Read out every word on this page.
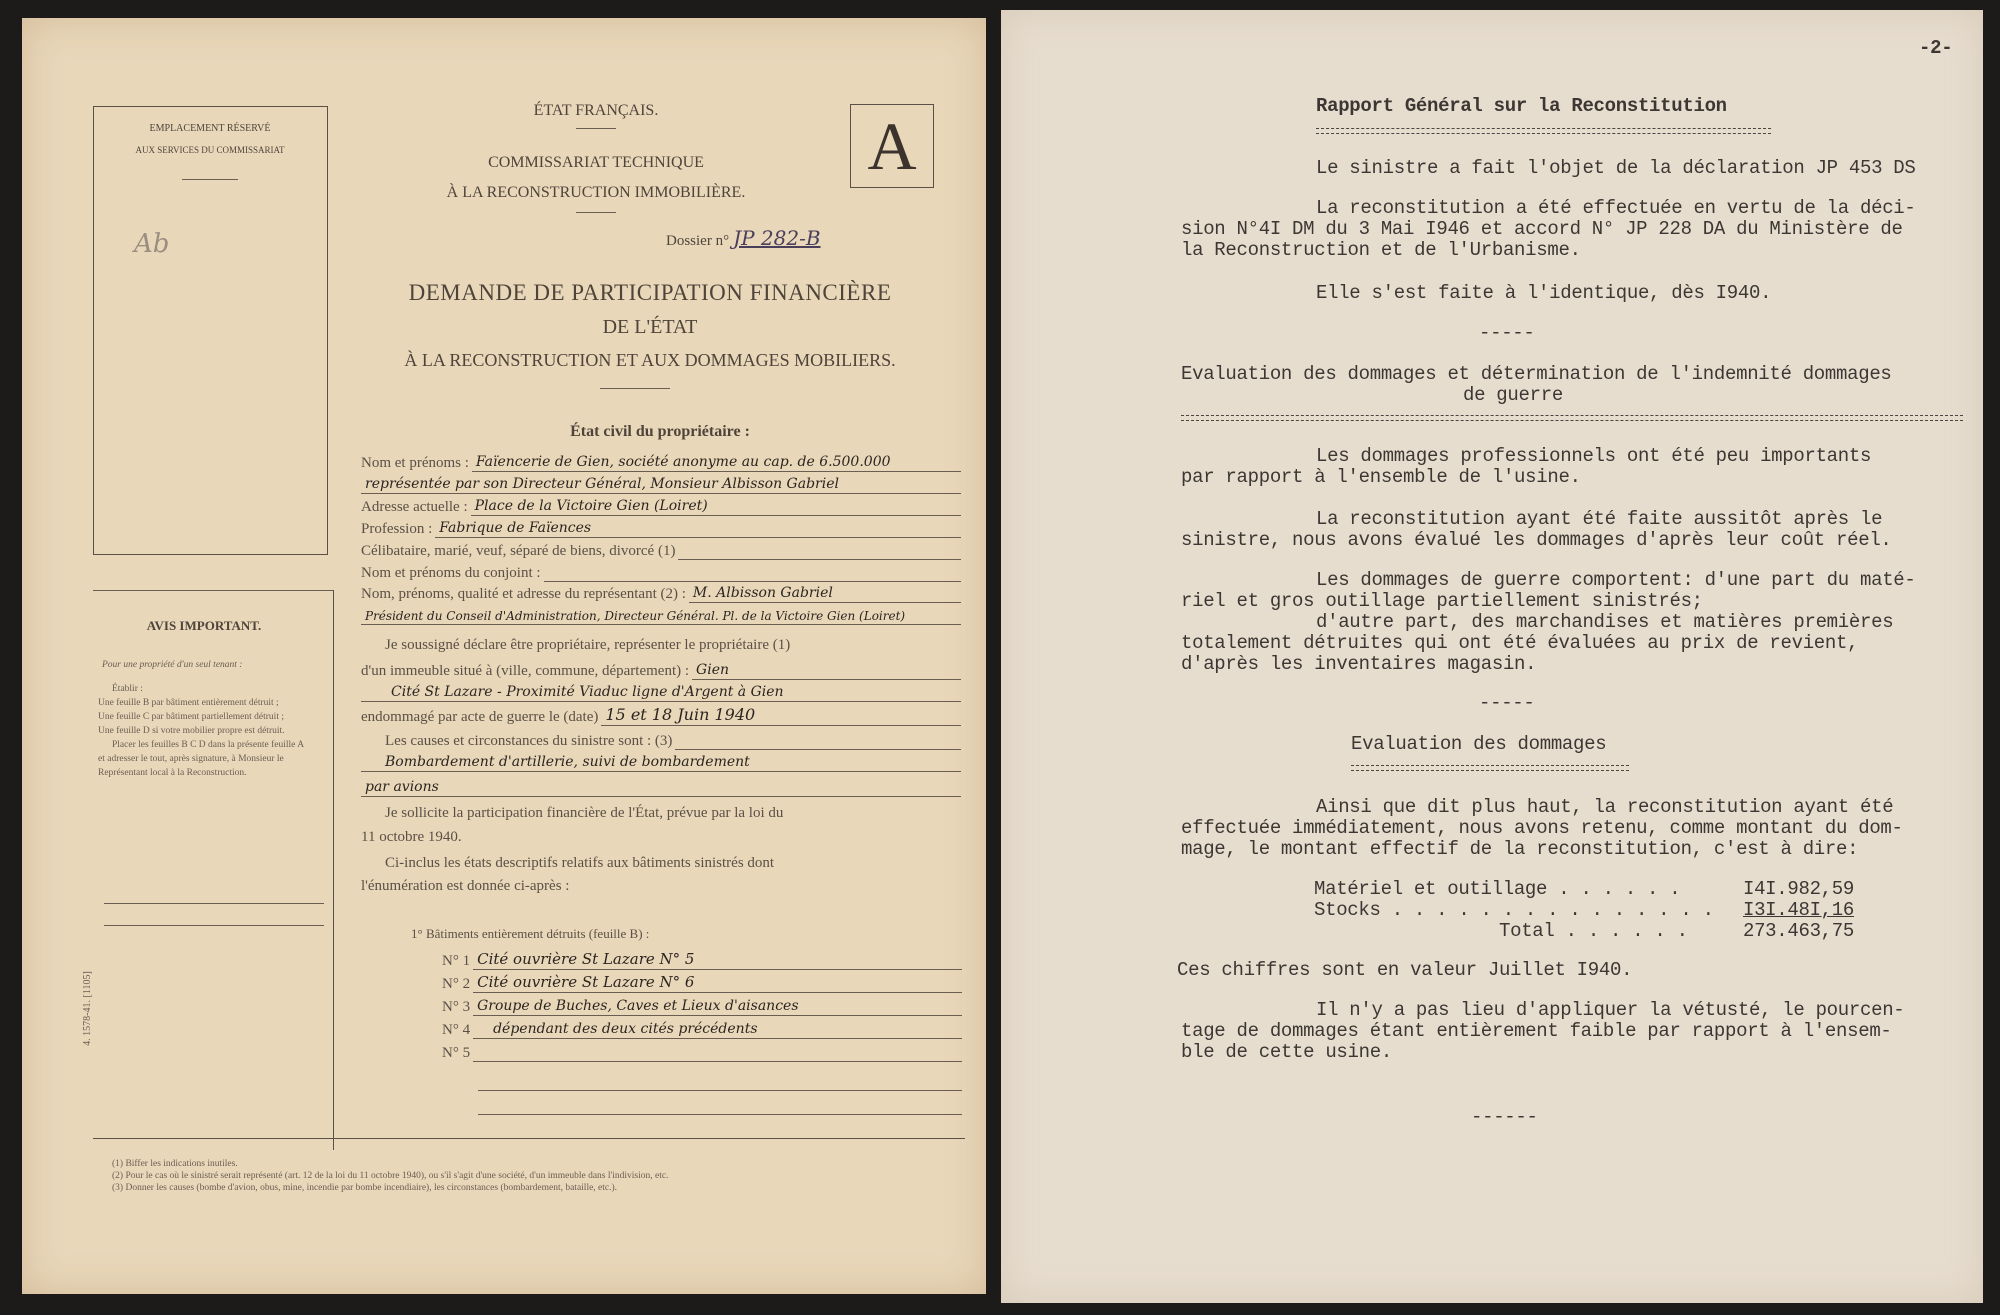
EMPLACEMENT RÉSERVÉ
AUX SERVICES DU COMMISSARIAT
Ab
ÉTAT FRANÇAIS.
COMMISSARIAT TECHNIQUE
À LA RECONSTRUCTION IMMOBILIÈRE.
A
Dossier n° JP 282-B
DEMANDE DE PARTICIPATION FINANCIÈRE
DE L'ÉTAT
À LA RECONSTRUCTION ET AUX DOMMAGES MOBILIERS.
État civil du propriétaire :
Nom et prénoms : Faïencerie de Gien, société anonyme au cap. de 6.500.000
représentée par son Directeur Général, Monsieur Albisson Gabriel
Adresse actuelle : Place de la Victoire Gien (Loiret)
Profession : Fabrique de Faïences
Célibataire, marié, veuf, séparé de biens, divorcé (1)
Nom et prénoms du conjoint :
Nom, prénoms, qualité et adresse du représentant (2) : M. Albisson Gabriel
Président du Conseil d'Administration, Directeur Général. Pl. de la Victoire Gien (Loiret)
Je soussigné déclare être propriétaire, représenter le propriétaire (1)
d'un immeuble situé à (ville, commune, département) : Gien
Cité St Lazare - Proximité Viaduc ligne d'Argent à Gien
endommagé par acte de guerre le (date) 15 et 18 Juin 1940
Les causes et circonstances du sinistre sont : (3)
Bombardement d'artillerie, suivi de bombardement
par avions
Je sollicite la participation financière de l'État, prévue par la loi du
11 octobre 1940.
Ci-inclus les états descriptifs relatifs aux bâtiments sinistrés dont
l'énumération est donnée ci-après :
1° Bâtiments entièrement détruits (feuille B) :
N° 1 Cité ouvrière St Lazare N° 5
N° 2 Cité ouvrière St Lazare N° 6
N° 3 Groupe de Buches, Caves et Lieux d'aisances
N° 4 dépendant des deux cités précédents
N° 5
AVIS IMPORTANT.
Pour une propriété d'un seul tenant :
Établir :
Une feuille B par bâtiment entièrement détruit ;
Une feuille C par bâtiment partiellement détruit ;
Une feuille D si votre mobilier propre est détruit.
Placer les feuilles B C D dans la présente feuille A et adresser le tout, après signature, à Monsieur le Représentant local à la Reconstruction.
4. 1578-41. [1105]
(1) Biffer les indications inutiles.
(2) Pour le cas où le sinistré serait représenté (art. 12 de la loi du 11 octobre 1940), ou s'il s'agit d'une société, d'un immeuble dans l'indivision, etc.
(3) Donner les causes (bombe d'avion, obus, mine, incendie par bombe incendiaire), les circonstances (bombardement, bataille, etc.).
-2-
Rapport Général sur la Reconstitution
Le sinistre a fait l'objet de la déclaration JP 453 DS
La reconstitution a été effectuée en vertu de la déci-
sion N°4I DM du 3 Mai I946 et accord N° JP 228 DA du Ministère de
la Reconstruction et de l'Urbanisme.
Elle s'est faite à l'identique, dès I940.
-----
Evaluation des dommages et détermination de l'indemnité dommages
de guerre
Les dommages professionnels ont été peu importants
par rapport à l'ensemble de l'usine.
La reconstitution ayant été faite aussitôt après le
sinistre, nous avons évalué les dommages d'après leur coût réel.
Les dommages de guerre comportent: d'une part du maté-
riel et gros outillage partiellement sinistrés;
d'autre part, des marchandises et matières premières
totalement détruites qui ont été évaluées au prix de revient,
d'après les inventaires magasin.
-----
Evaluation des dommages
Ainsi que dit plus haut, la reconstitution ayant été
effectuée immédiatement, nous avons retenu, comme montant du dom-
mage, le montant effectif de la reconstitution, c'est à dire:
Matériel et outillage . . . . . .	I4I.982,59
Stocks . . . . . . . . . . . . . . . I3I.48I,16
Total . . . . . .	273.463,75
Ces chiffres sont en valeur Juillet I940.
Il n'y a pas lieu d'appliquer la vétusté, le pourcen-
tage de dommages étant entièrement faible par rapport à l'ensem-
ble de cette usine.
------
